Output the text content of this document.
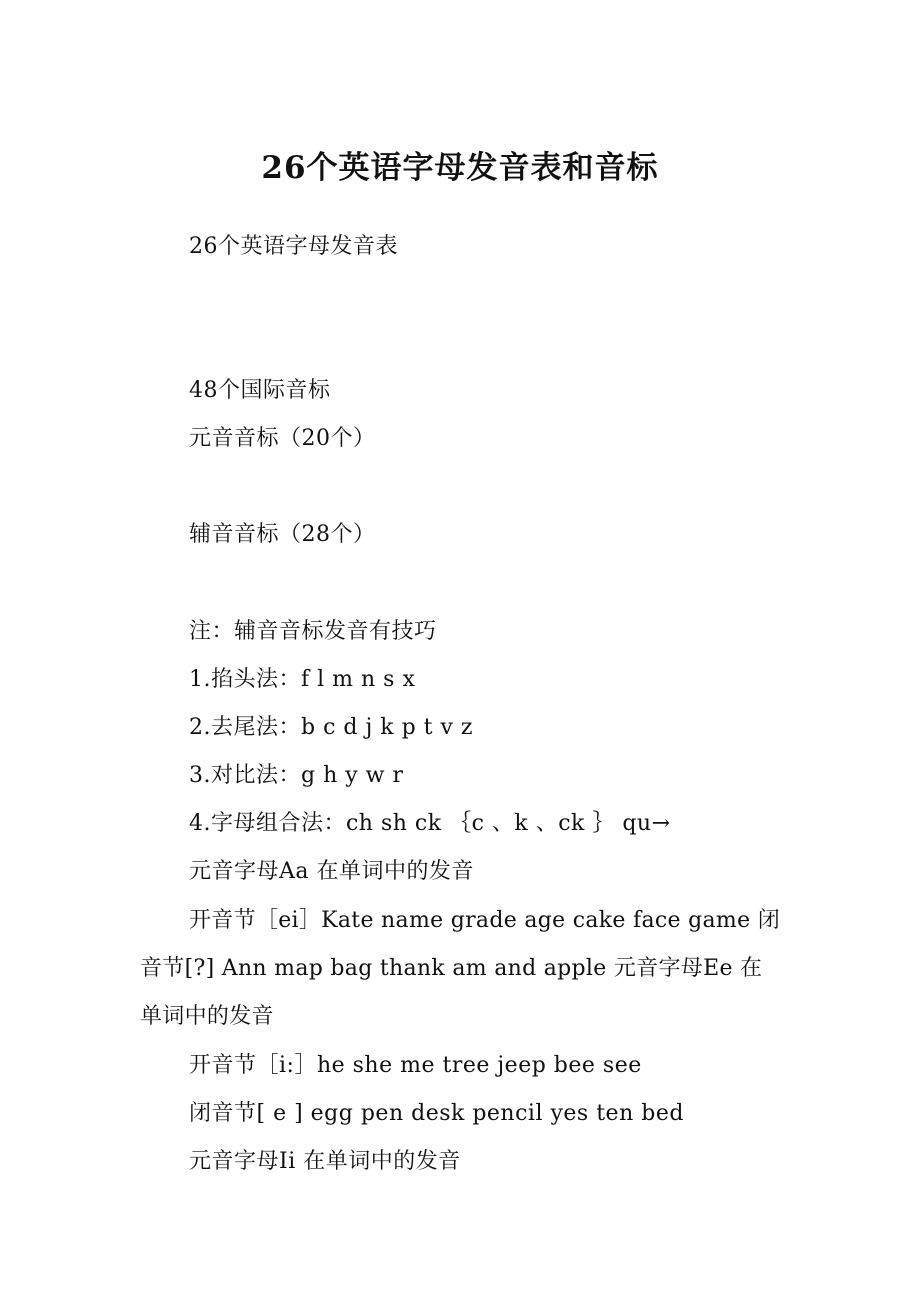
26个英语字母发音表和音标
26个英语字母发音表
48个国际音标
元音音标（20个）
辅音音标（28个）
注：辅音音标发音有技巧
1.掐头法：f l m n s x
2.去尾法：b c d j k p t v z
3.对比法：g h y w r
4.字母组合法：ch sh ck ｛c 、k 、ck ｝ qu→
元音字母Aa 在单词中的发音
开音节［ei］Kate name grade age cake face game 闭音节[?] Ann map bag thank am and apple 元音字母Ee 在单词中的发音
开音节［i:］he she me tree jeep bee see
闭音节[ e ] egg pen desk pencil yes ten bed
元音字母Ii 在单词中的发音
